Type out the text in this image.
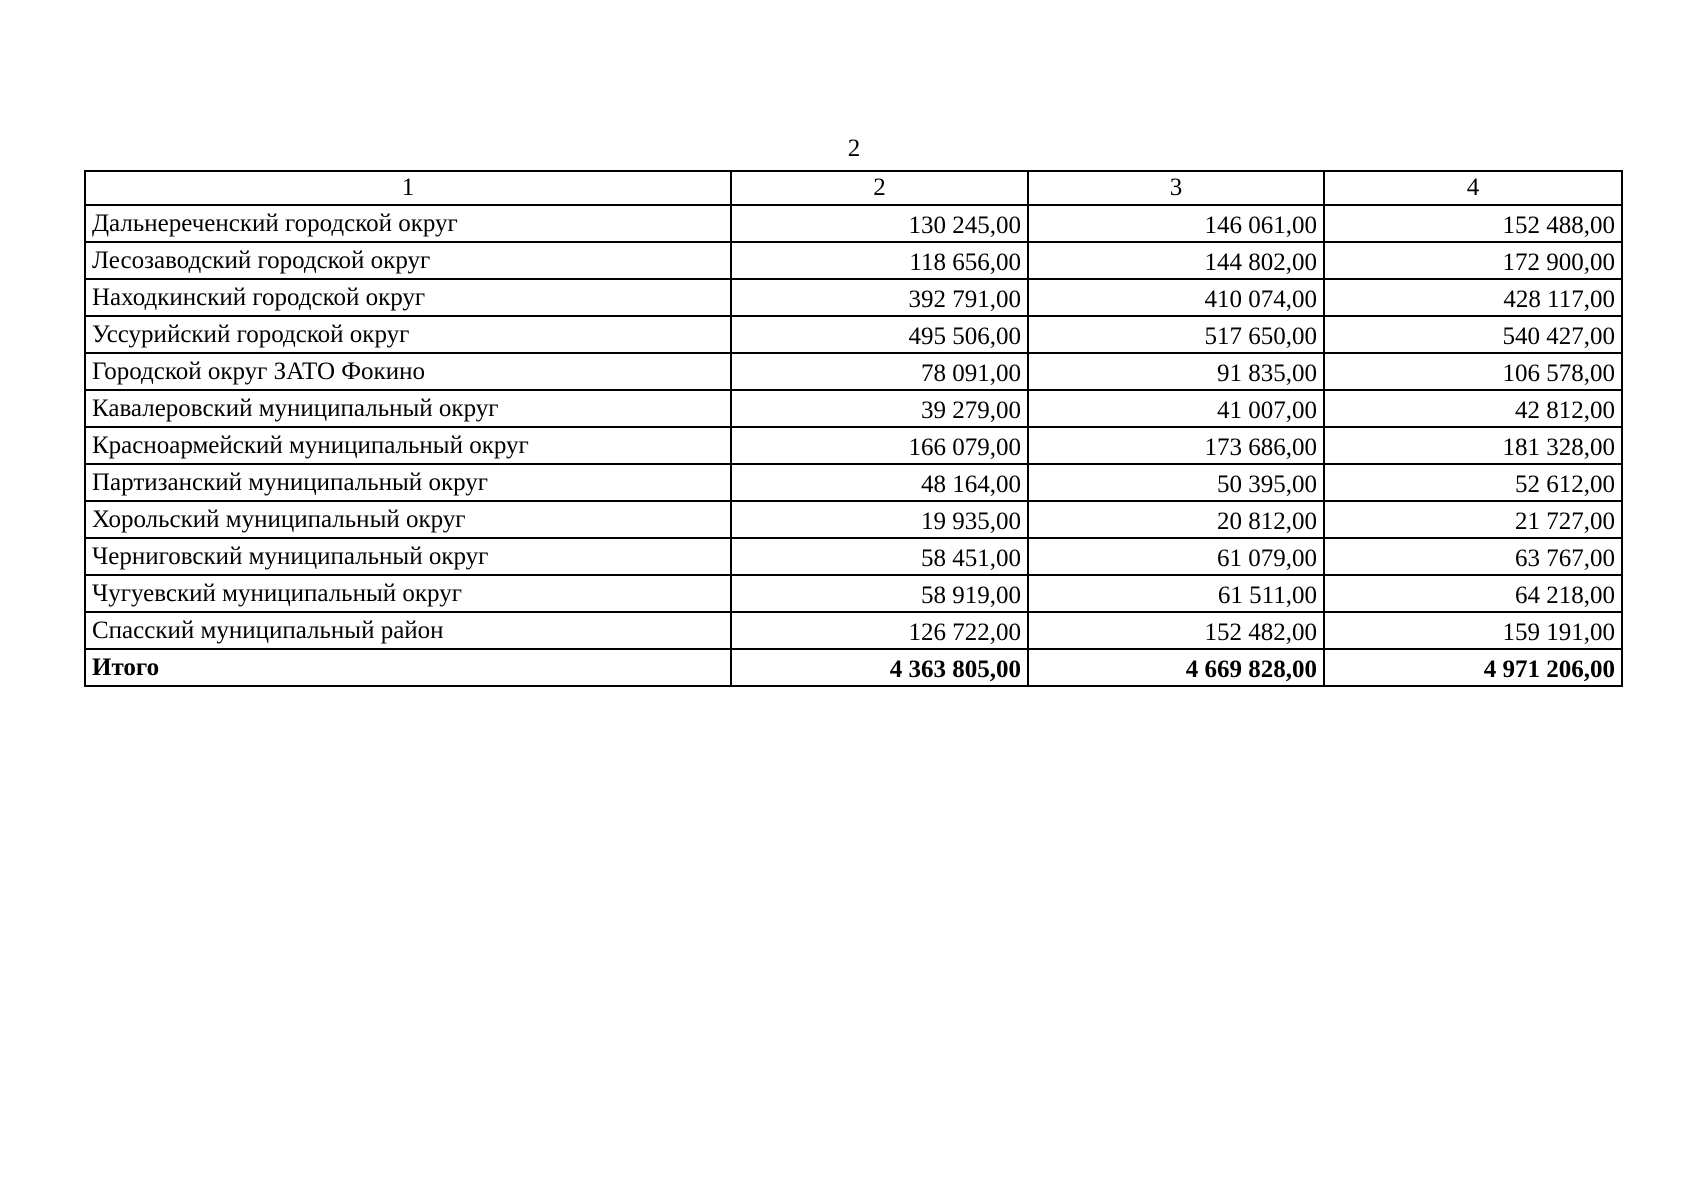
2
1	2	3	4
Дальнереченский городской округ	130 245,00	146 061,00	152 488,00
Лесозаводский городской округ	118 656,00	144 802,00	172 900,00
Находкинский городской округ	392 791,00	410 074,00	428 117,00
Уссурийский городской округ	495 506,00	517 650,00	540 427,00
Городской округ ЗАТО Фокино	78 091,00	91 835,00	106 578,00
Кавалеровский муниципальный округ	39 279,00	41 007,00	42 812,00
Красноармейский муниципальный округ	166 079,00	173 686,00	181 328,00
Партизанский муниципальный округ	48 164,00	50 395,00	52 612,00
Хорольский муниципальный округ	19 935,00	20 812,00	21 727,00
Черниговский муниципальный округ	58 451,00	61 079,00	63 767,00
Чугуевский муниципальный округ	58 919,00	61 511,00	64 218,00
Спасский муниципальный район	126 722,00	152 482,00	159 191,00
Итого	4 363 805,00	4 669 828,00	4 971 206,00
